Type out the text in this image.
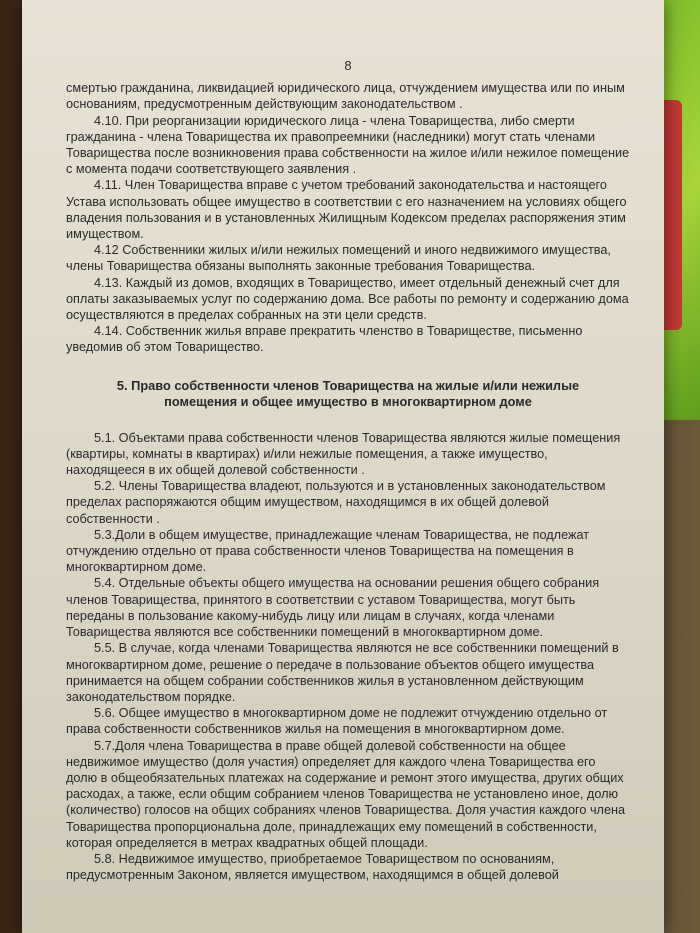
8

смертью гражданина, ликвидацией юридического лица, отчуждением имущества или по иным основаниям, предусмотренным действующим законодательством .

4.10. При реорганизации юридического лица - члена Товарищества, либо смерти гражданина - члена Товарищества их правопреемники (наследники) могут стать членами Товарищества после возникновения права собственности на жилое и/или нежилое помещение с момента подачи соответствующего заявления .

4.11. Член Товарищества вправе с учетом требований законодательства и настоящего Устава использовать общее имущество в соответствии с его назначением на условиях общего владения пользования и в установленных Жилищным Кодексом пределах распоряжения этим имуществом.

4.12 Собственники жилых и/или нежилых помещений и иного недвижимого имущества, члены Товарищества обязаны выполнять законные требования Товарищества.

4.13. Каждый из домов, входящих в Товарищество, имеет отдельный денежный счет для оплаты заказываемых услуг по содержанию дома. Все работы по ремонту и содержанию дома осуществляются в пределах собранных на эти цели средств.

4.14. Собственник жилья вправе прекратить членство в Товариществе, письменно уведомив об этом Товарищество.

5. Право собственности членов Товарищества на жилые и/или нежилые
помещения и общее имущество в многоквартирном доме

5.1. Объектами права собственности членов Товарищества являются жилые помещения (квартиры, комнаты в квартирах) и/или нежилые помещения, а также имущество, находящееся в их общей долевой собственности .

5.2. Члены Товарищества владеют, пользуются и в установленных законодательством пределах распоряжаются общим имуществом, находящимся в их общей долевой собственности .

5.3.Доли в общем имуществе, принадлежащие членам Товарищества, не подлежат отчуждению отдельно от права собственности членов Товарищества на помещения в многоквартирном доме.

5.4. Отдельные объекты общего имущества на основании решения общего собрания членов Товарищества, принятого в соответствии с уставом Товарищества, могут быть переданы в пользование какому-нибудь лицу или лицам в случаях, когда членами Товарищества являются все собственники помещений в многоквартирном доме.

5.5. В случае, когда членами Товарищества являются не все собственники помещений в многоквартирном доме, решение о передаче в пользование объектов общего имущества принимается на общем собрании собственников жилья в установленном действующим законодательством порядке.

5.6. Общее имущество в многоквартирном доме не подлежит отчуждению отдельно от права собственности собственников жилья на помещения в многоквартирном доме.

5.7.Доля члена Товарищества в праве общей долевой собственности на общее недвижимое имущество (доля участия) определяет для каждого члена Товарищества его долю в общеобязательных платежах на содержание и ремонт этого имущества, других общих расходах, а также, если общим собранием членов Товарищества не установлено иное, долю (количество) голосов на общих собраниях членов Товарищества. Доля участия каждого члена Товарищества пропорциональна доле, принадлежащих ему помещений в собственности, которая определяется в метрах квадратных общей площади.

5.8. Недвижимое имущество, приобретаемое Товариществом по основаниям, предусмотренным Законом, является имуществом, находящимся в общей долевой
